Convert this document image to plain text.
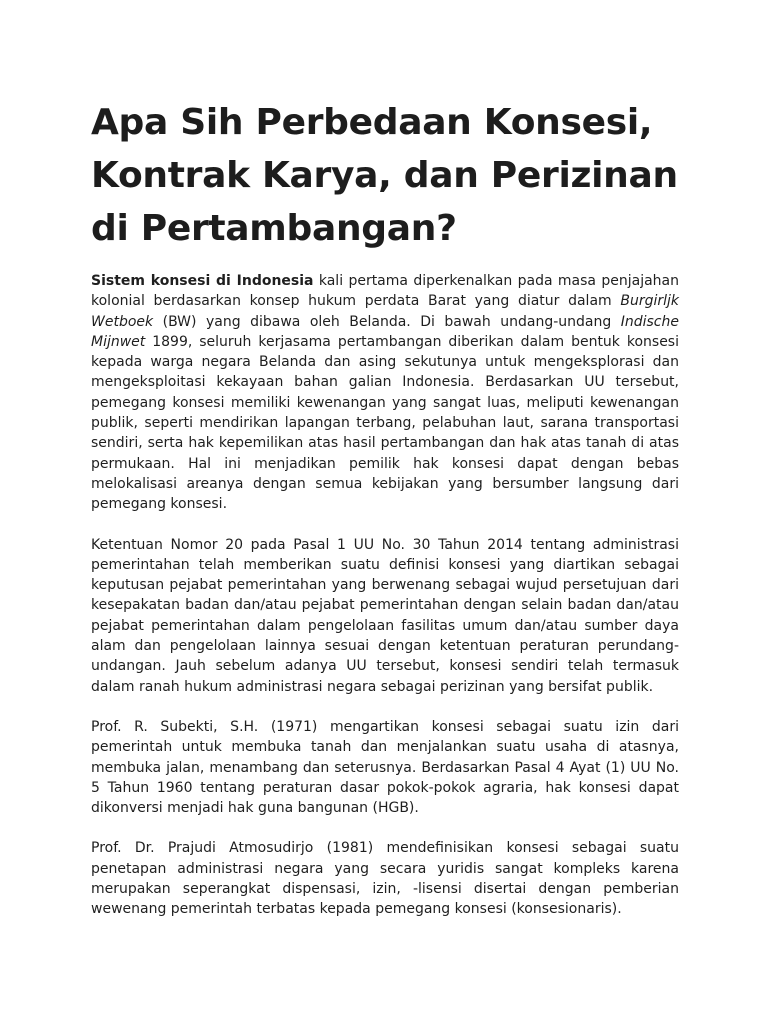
Apa Sih Perbedaan Konsesi, Kontrak Karya, dan Perizinan di Pertambangan?

Sistem konsesi di Indonesia kali pertama diperkenalkan pada masa penjajahan kolonial berdasarkan konsep hukum perdata Barat yang diatur dalam Burgirljk Wetboek (BW) yang dibawa oleh Belanda. Di bawah undang-undang Indische Mijnwet 1899, seluruh kerjasama pertambangan diberikan dalam bentuk konsesi kepada warga negara Belanda dan asing sekutunya untuk mengeksplorasi dan mengeksploitasi kekayaan bahan galian Indonesia. Berdasarkan UU tersebut, pemegang konsesi memiliki kewenangan yang sangat luas, meliputi kewenangan publik, seperti mendirikan lapangan terbang, pelabuhan laut, sarana transportasi sendiri, serta hak kepemilikan atas hasil pertambangan dan hak atas tanah di atas permukaan. Hal ini menjadikan pemilik hak konsesi dapat dengan bebas melokalisasi areanya dengan semua kebijakan yang bersumber langsung dari pemegang konsesi.

Ketentuan Nomor 20 pada Pasal 1 UU No. 30 Tahun 2014 tentang administrasi pemerintahan telah memberikan suatu definisi konsesi yang diartikan sebagai keputusan pejabat pemerintahan yang berwenang sebagai wujud persetujuan dari kesepakatan badan dan/atau pejabat pemerintahan dengan selain badan dan/atau pejabat pemerintahan dalam pengelolaan fasilitas umum dan/atau sumber daya alam dan pengelolaan lainnya sesuai dengan ketentuan peraturan perundang-undangan. Jauh sebelum adanya UU tersebut, konsesi sendiri telah termasuk dalam ranah hukum administrasi negara sebagai perizinan yang bersifat publik.

Prof. R. Subekti, S.H. (1971) mengartikan konsesi sebagai suatu izin dari pemerintah untuk membuka tanah dan menjalankan suatu usaha di atasnya, membuka jalan, menambang dan seterusnya. Berdasarkan Pasal 4 Ayat (1) UU No. 5 Tahun 1960 tentang peraturan dasar pokok-pokok agraria, hak konsesi dapat dikonversi menjadi hak guna bangunan (HGB).

Prof. Dr. Prajudi Atmosudirjo (1981) mendefinisikan konsesi sebagai suatu penetapan administrasi negara yang secara yuridis sangat kompleks karena merupakan seperangkat dispensasi, izin, -lisensi disertai dengan pemberian wewenang pemerintah terbatas kepada pemegang konsesi (konsesionaris).
